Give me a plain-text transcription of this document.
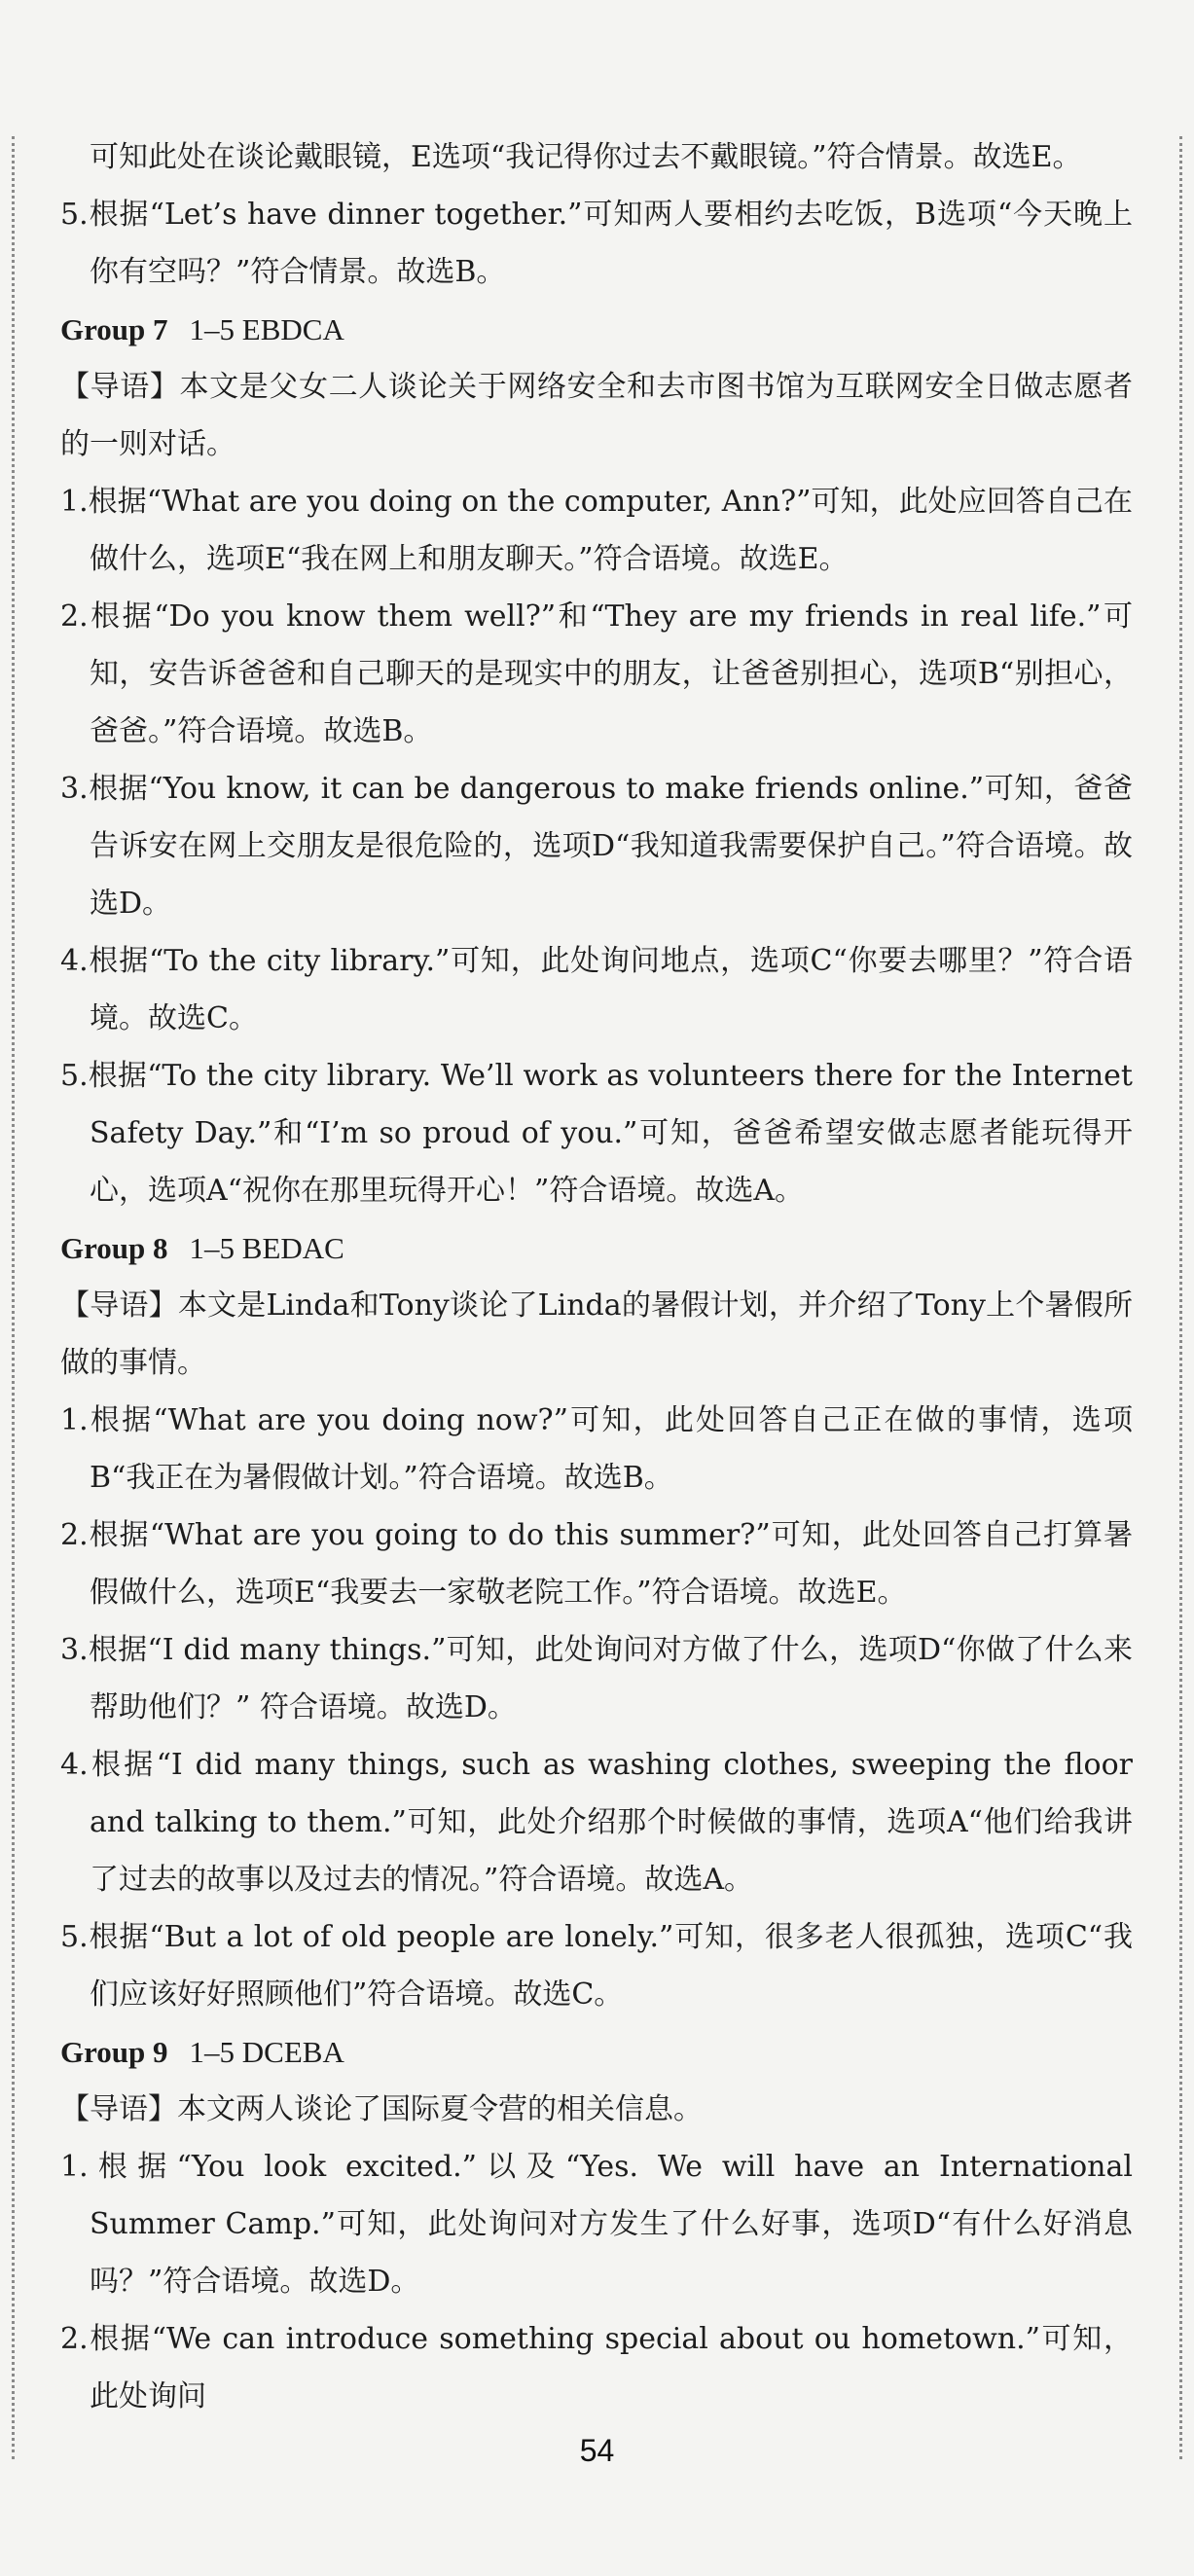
可知此处在谈论戴眼镜，E选项“我记得你过去不戴眼镜。”符合情景。故选E。

5.根据“Let’s have dinner together.”可知两人要相约去吃饭，B选项“今天晚上你有空吗？”符合情景。故选B。

Group 7 1–5 EBDCA

【导语】本文是父女二人谈论关于网络安全和去市图书馆为互联网安全日做志愿者的一则对话。

1.根据“What are you doing on the computer, Ann?”可知，此处应回答自己在做什么，选项E“我在网上和朋友聊天。”符合语境。故选E。

2.根据“Do you know them well?”和“They are my friends in real life.”可知，安告诉爸爸和自己聊天的是现实中的朋友，让爸爸别担心，选项B“别担心，爸爸。”符合语境。故选B。

3.根据“You know, it can be dangerous to make friends online.”可知，爸爸告诉安在网上交朋友是很危险的，选项D“我知道我需要保护自己。”符合语境。故选D。

4.根据“To the city library.”可知，此处询问地点，选项C“你要去哪里？”符合语境。故选C。

5.根据“To the city library. We’ll work as volunteers there for the Internet Safety Day.”和“I’m so proud of you.”可知，爸爸希望安做志愿者能玩得开心，选项A“祝你在那里玩得开心！”符合语境。故选A。

Group 8 1–5 BEDAC

【导语】本文是Linda和Tony谈论了Linda的暑假计划，并介绍了Tony上个暑假所做的事情。

1.根据“What are you doing now?”可知，此处回答自己正在做的事情，选项B“我正在为暑假做计划。”符合语境。故选B。

2.根据“What are you going to do this summer?”可知，此处回答自己打算暑假做什么，选项E“我要去一家敬老院工作。”符合语境。故选E。

3.根据“I did many things.”可知，此处询问对方做了什么，选项D“你做了什么来帮助他们？” 符合语境。故选D。

4.根据“I did many things, such as washing clothes, sweeping the floor and talking to them.”可知，此处介绍那个时候做的事情，选项A“他们给我讲了过去的故事以及过去的情况。”符合语境。故选A。

5.根据“But a lot of old people are lonely.”可知，很多老人很孤独，选项C“我们应该好好照顾他们”符合语境。故选C。

Group 9 1–5 DCEBA

【导语】本文两人谈论了国际夏令营的相关信息。

1.根据“You look excited.”以及“Yes. We will have an International Summer Camp.”可知，此处询问对方发生了什么好事，选项D“有什么好消息吗？”符合语境。故选D。

2.根据“We can introduce something special about ou hometown.”可知，此处询问

54
